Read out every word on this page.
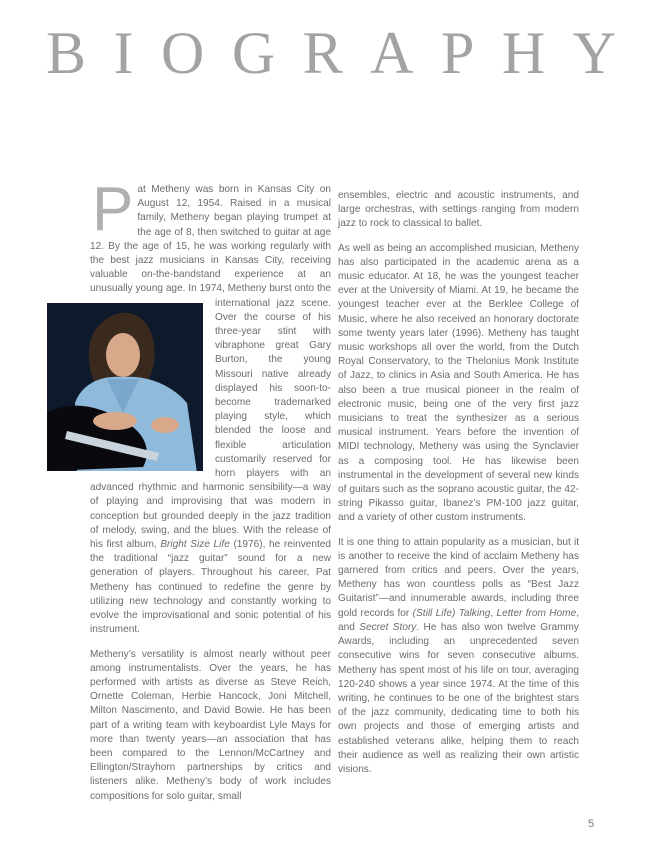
BIOGRAPHY

P at Metheny was born in Kansas City on August 12, 1954. Raised in a musical family, Metheny began playing trumpet at the age of 8, then switched to guitar at age 12. By the age of 15, he was working regularly with the best jazz musicians in Kansas City, receiving valuable on-the-bandstand experience at an unusually young age. In 1974, Metheny burst onto the international jazz scene. Over the course of his three-year stint with vibraphone great Gary Burton, the young Missouri native already displayed his soon-to-become trademarked playing style, which blended the loose and flexible articulation customarily reserved for horn players with an advanced rhythmic and harmonic sensibility—a way of playing and improvising that was modern in conception but grounded deeply in the jazz tradition of melody, swing, and the blues. With the release of his first album, Bright Size Life (1976), he reinvented the traditional “jazz guitar” sound for a new generation of players. Throughout his career, Pat Metheny has continued to redefine the genre by utilizing new technology and constantly working to evolve the improvisational and sonic potential of his instrument.

Metheny’s versatility is almost nearly without peer among instrumentalists. Over the years, he has performed with artists as diverse as Steve Reich, Ornette Coleman, Herbie Hancock, Joni Mitchell, Milton Nascimento, and David Bowie. He has been part of a writing team with keyboardist Lyle Mays for more than twenty years—an association that has been compared to the Lennon/McCartney and Ellington/Strayhorn partnerships by critics and listeners alike. Metheny’s body of work includes compositions for solo guitar, small

ensembles, electric and acoustic instruments, and large orchestras, with settings ranging from modern jazz to rock to classical to ballet.

As well as being an accomplished musician, Metheny has also participated in the academic arena as a music educator. At 18, he was the youngest teacher ever at the University of Miami. At 19, he became the youngest teacher ever at the Berklee College of Music, where he also received an honorary doctorate some twenty years later (1996). Metheny has taught music workshops all over the world, from the Dutch Royal Conservatory, to the Thelonius Monk Institute of Jazz, to clinics in Asia and South America. He has also been a true musical pioneer in the realm of electronic music, being one of the very first jazz musicians to treat the synthesizer as a serious musical instrument. Years before the invention of MIDI technology, Metheny was using the Synclavier as a composing tool. He has likewise been instrumental in the development of several new kinds of guitars such as the soprano acoustic guitar, the 42-string Pikasso guitar, Ibanez’s PM-100 jazz guitar, and a variety of other custom instruments.

It is one thing to attain popularity as a musician, but it is another to receive the kind of acclaim Metheny has garnered from critics and peers. Over the years, Metheny has won countless polls as “Best Jazz Guitarist”—and innumerable awards, including three gold records for (Still Life) Talking, Letter from Home, and Secret Story. He has also won twelve Grammy Awards, including an unprecedented seven consecutive wins for seven consecutive albums. Metheny has spent most of his life on tour, averaging 120-240 shows a year since 1974. At the time of this writing, he continues to be one of the brightest stars of the jazz community, dedicating time to both his own projects and those of emerging artists and established veterans alike, helping them to reach their audience as well as realizing their own artistic visions.

5
